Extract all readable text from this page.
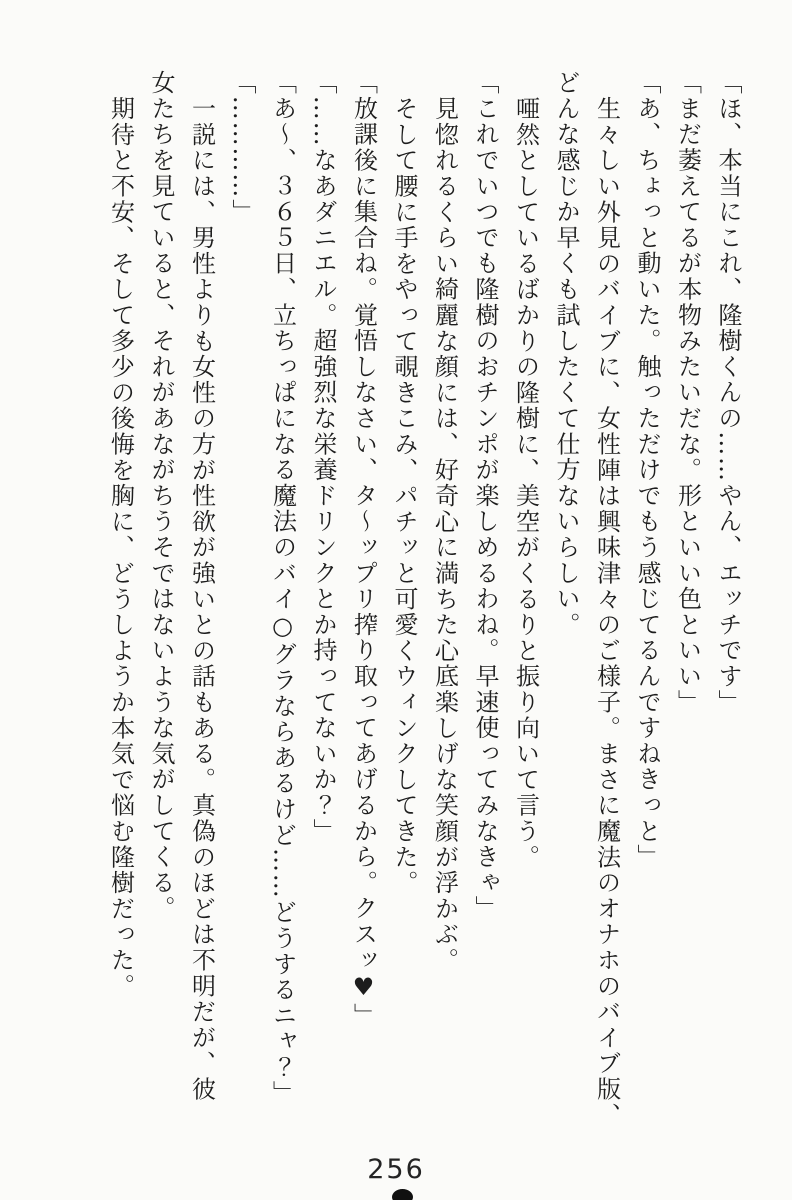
「ほ、本当にこれ、隆樹くんの……やん、エッチです」

「まだ萎えてるが本物みたいだな。形といい色といい」

「あ、ちょっと動いた。触っただけでもう感じてるんですねきっと」

生々しい外見のバイブに、女性陣は興味津々のご様子。まさに魔法のオナホのバイブ版、

どんな感じか早くも試したくて仕方ないらしい。

唖然としているばかりの隆樹に、美空がくるりと振り向いて言う。

「これでいつでも隆樹のおチンポが楽しめるわね。早速使ってみなきゃ」

見惚れるくらい綺麗な顔には、好奇心に満ちた心底楽しげな笑顔が浮かぶ。

そして腰に手をやって覗きこみ、パチッと可愛くウィンクしてきた。

「放課後に集合ね。覚悟しなさい、タ〜ップリ搾り取ってあげるから。クスッ♥」

「……なあダニエル。超強烈な栄養ドリンクとか持ってないか？」

「あ〜、３６５日、立ちっぱになる魔法のバイ○グラならあるけど……どうするニャ？」

「…………」

一説には、男性よりも女性の方が性欲が強いとの話もある。真偽のほどは不明だが、彼

女たちを見ていると、それがあながちうそではないような気がしてくる。

期待と不安、そして多少の後悔を胸に、どうしようか本気で悩む隆樹だった。

256
